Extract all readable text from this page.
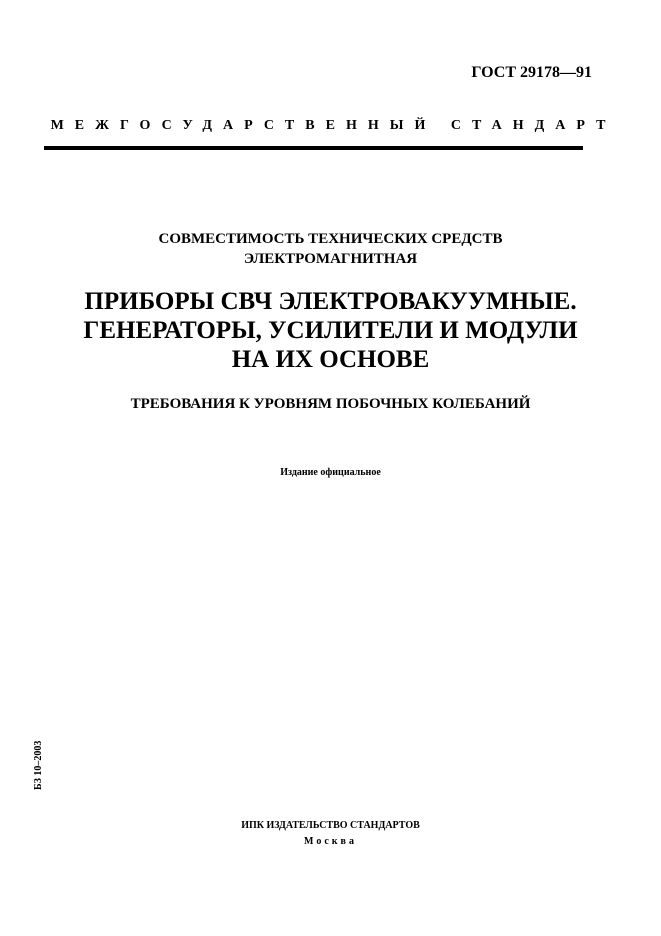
ГОСТ 29178—91
МЕЖГОСУДАРСТВЕННЫЙ СТАНДАРТ
СОВМЕСТИМОСТЬ ТЕХНИЧЕСКИХ СРЕДСТВ
ЭЛЕКТРОМАГНИТНАЯ
ПРИБОРЫ СВЧ ЭЛЕКТРОВАКУУМНЫЕ.
ГЕНЕРАТОРЫ, УСИЛИТЕЛИ И МОДУЛИ
НА ИХ ОСНОВЕ
ТРЕБОВАНИЯ К УРОВНЯМ ПОБОЧНЫХ КОЛЕБАНИЙ
Издание официальное
БЗ 10–2003
ИПК ИЗДАТЕЛЬСТВО СТАНДАРТОВ
Москва
